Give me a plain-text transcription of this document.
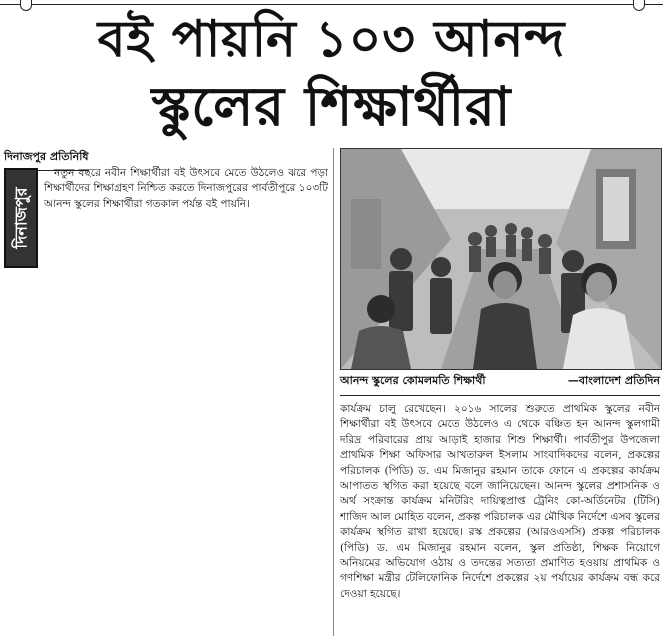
বই পায়নি ১০৩ আনন্দ
স্কুলের শিক্ষার্থীরা
দিনাজপুর প্রতিনিধি
দিনাজপুর

নতুন বছরে নবীন শিক্ষার্থীরা বই উৎসবে মেতে উঠলেও ঝরে পড়া শিক্ষার্থীদের শিক্ষাগ্রহণ নিশ্চিত করতে দিনাজপুরের পার্বতীপুরে ১০৩টি আনন্দ স্কুলের শিক্ষার্থীরা গতকাল পর্যন্ত বই পায়নি।

আনন্দ স্কুলের কোমলমতি শিক্ষার্থী	—বাংলাদেশ প্রতিদিন

কার্যক্রম চালু রেখেছেন। ২০১৬ সালের শুরুতে প্রাথমিক স্কুলের নবীন শিক্ষার্থীরা বই উৎসবে মেতে উঠলেও এ থেকে বঞ্চিত হন আনন্দ স্কুলগামী দরিদ্র পরিবারের প্রায় আড়াই হাজার শিশু শিক্ষার্থী। পার্বতীপুর উপজেলা প্রাথমিক শিক্ষা অফিসার আখতারুল ইসলাম সাংবাদিকদের বলেন, প্রকল্পের পরিচালক (পিডি) ড. এম মিজানুর রহমান তাকে ফোনে এ প্রকল্পের কার্যক্রম আপাতত স্থগিত করা হয়েছে বলে জানিয়েছেন। আনন্দ স্কুলের প্রশাসনিক ও অর্থ সংক্রান্ত কার্যক্রম মনিটরিং দায়িত্বপ্রাপ্ত ট্রেনিং কো-অর্ডিনেটর (টিসি) শাজিদ আল মোহিত বলেন, প্রকল্প পরিচালক এর মৌখিক নির্দেশে এসব স্কুলের কার্যক্রম স্থগিত রাখা হয়েছে। রস্ক প্রকল্পের (আরওএসসি) প্রকল্প পরিচালক (পিডি) ড. এম মিজানুর রহমান বলেন, স্কুল প্রতিষ্ঠা, শিক্ষক নিয়োগে অনিয়মের অভিযোগ ওঠায় ও তদন্তের সত্যতা প্রমাণিত হওয়ায় প্রাথমিক ও গণশিক্ষা মন্ত্রীর টেলিফোনিক নির্দেশে প্রকল্পের ২য় পর্যায়ের কার্যক্রম বন্ধ করে দেওয়া হয়েছে।
